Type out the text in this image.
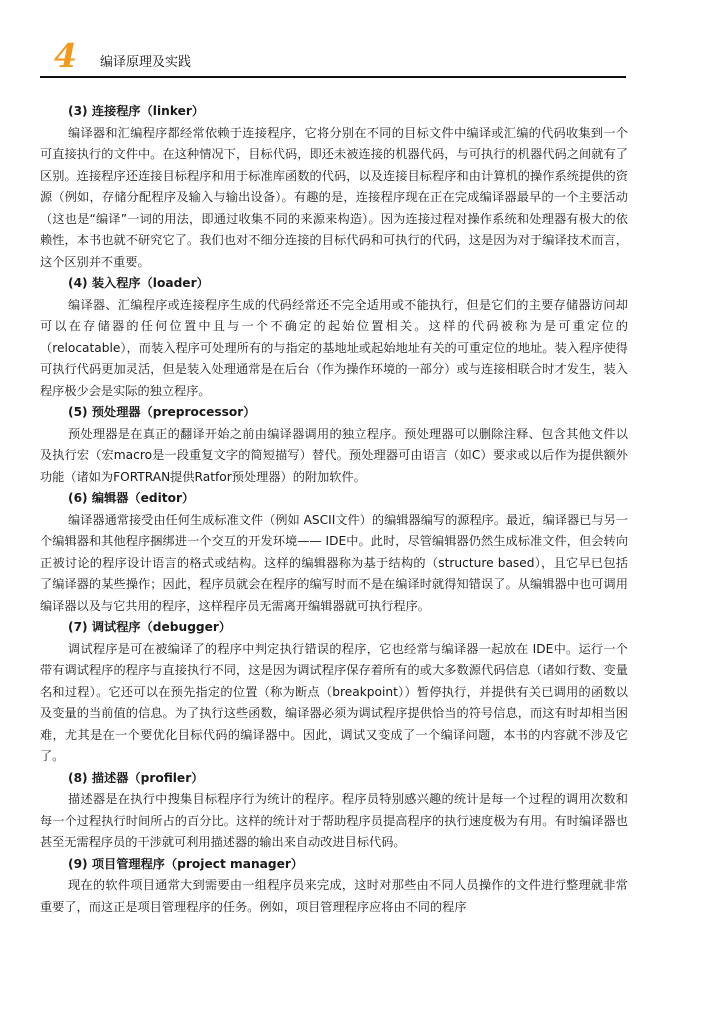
4 编译原理及实践
(3) 连接程序（linker）

编译器和汇编程序都经常依赖于连接程序，它将分别在不同的目标文件中编译或汇编的代码收集到一个可直接执行的文件中。在这种情况下，目标代码，即还未被连接的机器代码，与可执行的机器代码之间就有了区别。连接程序还连接目标程序和用于标准库函数的代码，以及连接目标程序和由计算机的操作系统提供的资源（例如，存储分配程序及输入与输出设备）。有趣的是，连接程序现在正在完成编译器最早的一个主要活动（这也是“编译”一词的用法，即通过收集不同的来源来构造）。因为连接过程对操作系统和处理器有极大的依赖性，本书也就不研究它了。我们也对不细分连接的目标代码和可执行的代码，这是因为对于编译技术而言，这个区别并不重要。

(4) 装入程序（loader）

编译器、汇编程序或连接程序生成的代码经常还不完全适用或不能执行，但是它们的主要存储器访问却可以在存储器的任何位置中且与一个不确定的起始位置相关。这样的代码被称为是可重定位的（relocatable），而装入程序可处理所有的与指定的基地址或起始地址有关的可重定位的地址。装入程序使得可执行代码更加灵活，但是装入处理通常是在后台（作为操作环境的一部分）或与连接相联合时才发生，装入程序极少会是实际的独立程序。

(5) 预处理器（preprocessor）

预处理器是在真正的翻译开始之前由编译器调用的独立程序。预处理器可以删除注释、包含其他文件以及执行宏（宏macro是一段重复文字的简短描写）替代。预处理器可由语言（如C）要求或以后作为提供额外功能（诸如为FORTRAN提供Ratfor预处理器）的附加软件。

(6) 编辑器（editor）

编译器通常接受由任何生成标准文件（例如 ASCII文件）的编辑器编写的源程序。最近，编译器已与另一个编辑器和其他程序捆绑进一个交互的开发环境—— IDE中。此时，尽管编辑器仍然生成标准文件，但会转向正被讨论的程序设计语言的格式或结构。这样的编辑器称为基于结构的（structure based），且它早已包括了编译器的某些操作；因此，程序员就会在程序的编写时而不是在编译时就得知错误了。从编辑器中也可调用编译器以及与它共用的程序，这样程序员无需离开编辑器就可执行程序。

(7) 调试程序（debugger）

调试程序是可在被编译了的程序中判定执行错误的程序，它也经常与编译器一起放在 IDE中。运行一个带有调试程序的程序与直接执行不同，这是因为调试程序保存着所有的或大多数源代码信息（诸如行数、变量名和过程）。它还可以在预先指定的位置（称为断点（breakpoint））暂停执行，并提供有关已调用的函数以及变量的当前值的信息。为了执行这些函数，编译器必须为调试程序提供恰当的符号信息，而这有时却相当困难，尤其是在一个要优化目标代码的编译器中。因此，调试又变成了一个编译问题，本书的内容就不涉及它了。

(8) 描述器（profiler）

描述器是在执行中搜集目标程序行为统计的程序。程序员特别感兴趣的统计是每一个过程的调用次数和每一个过程执行时间所占的百分比。这样的统计对于帮助程序员提高程序的执行速度极为有用。有时编译器也甚至无需程序员的干涉就可利用描述器的输出来自动改进目标代码。

(9) 项目管理程序（project manager）

现在的软件项目通常大到需要由一组程序员来完成，这时对那些由不同人员操作的文件进行整理就非常重要了，而这正是项目管理程序的任务。例如，项目管理程序应将由不同的程序
